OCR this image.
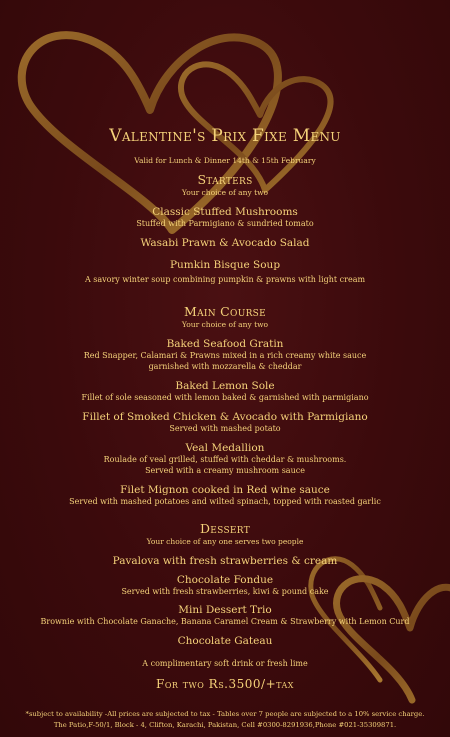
Valentine's Prix Fixe Menu
Valid for Lunch & Dinner 14th & 15th February
Starters
Your choice of any two
Classic Stuffed Mushrooms
Stuffed with Parmigiano & sundried tomato
Wasabi Prawn & Avocado Salad
Pumkin Bisque Soup
A savory winter soup combining pumpkin & prawns with light cream
Main Course
Your choice of any two
Baked Seafood Gratin
Red Snapper, Calamari & Prawns mixed in a rich creamy white sauce
garnished with mozzarella & cheddar
Baked Lemon Sole
Fillet of sole seasoned with lemon baked & garnished with parmigiano
Fillet of Smoked Chicken & Avocado with Parmigiano
Served with mashed potato
Veal Medallion
Roulade of veal grilled, stuffed with cheddar & mushrooms.
Served with a creamy mushroom sauce
Filet Mignon cooked in Red wine sauce
Served with mashed potatoes and wilted spinach, topped with roasted garlic
Dessert
Your choice of any one serves two people
Pavalova with fresh strawberries & cream
Chocolate Fondue
Served with fresh strawberries, kiwi & pound cake
Mini Dessert Trio
Brownie with Chocolate Ganache, Banana Caramel Cream & Strawberry with Lemon Curd
Chocolate Gateau
A complimentary soft drink or fresh lime
For two Rs.3500/+tax
*subject to availability -All prices are subjected to tax - Tables over 7 people are subjected to a 10% service charge.
The Patio,F-50/1, Block - 4, Clifton, Karachi, Pakistan, Cell #0300-8291936,Phone #021-35309871.
